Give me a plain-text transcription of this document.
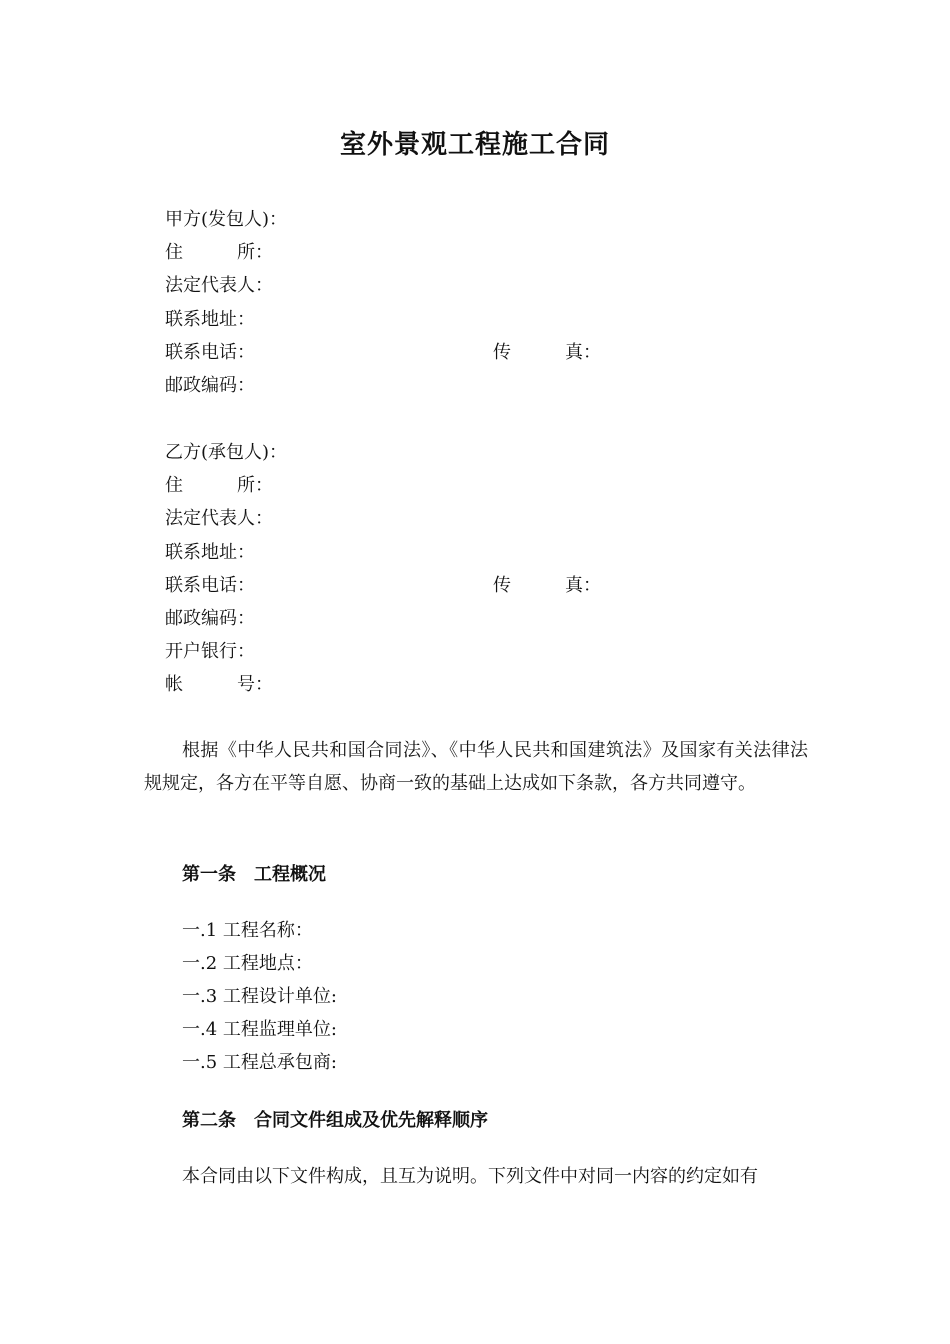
室外景观工程施工合同
甲方(发包人)：
住　　　所：
法定代表人：
联系地址：
联系电话：	传　　　真：
邮政编码：
乙方(承包人)：
住　　　所：
法定代表人：
联系地址：
联系电话：	传　　　真：
邮政编码：
开户银行：
帐　　　号：
根据《中华人民共和国合同法》、《中华人民共和国建筑法》及国家有关法律法规规定，各方在平等自愿、协商一致的基础上达成如下条款，各方共同遵守。
第一条　工程概况
一.1 工程名称：
一.2 工程地点：
一.3 工程设计单位:
一.4 工程监理单位:
一.5 工程总承包商:
第二条　合同文件组成及优先解释顺序
本合同由以下文件构成，且互为说明。下列文件中对同一内容的约定如有
